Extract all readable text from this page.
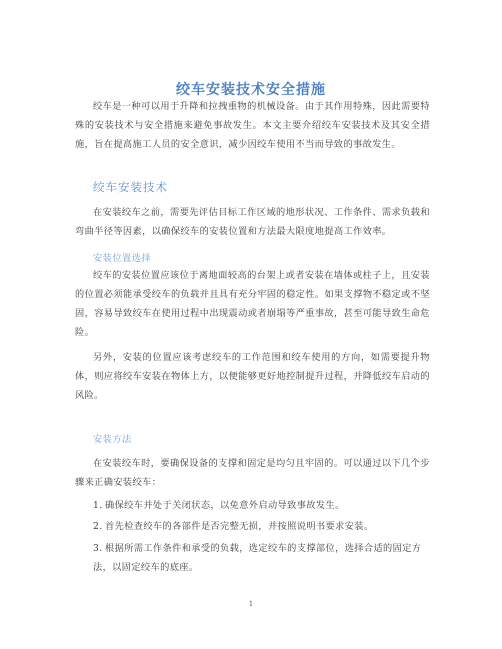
绞车安装技术安全措施
绞车是一种可以用于升降和拉拽重物的机械设备。由于其作用特殊，因此需要特殊的安装技术与安全措施来避免事故发生。本文主要介绍绞车安装技术及其安全措施，旨在提高施工人员的安全意识，减少因绞车使用不当而导致的事故发生。
绞车安装技术
在安装绞车之前，需要先评估目标工作区域的地形状况、工作条件、需求负载和弯曲半径等因素，以确保绞车的安装位置和方法最大限度地提高工作效率。
安装位置选择
绞车的安装位置应该位于离地面较高的台架上或者安装在墙体或柱子上，且安装的位置必须能承受绞车的负载并且具有充分牢固的稳定性。如果支撑物不稳定或不坚固，容易导致绞车在使用过程中出现震动或者崩塌等严重事故，甚至可能导致生命危险。
另外，安装的位置应该考虑绞车的工作范围和绞车使用的方向，如需要提升物体，则应将绞车安装在物体上方，以便能够更好地控制提升过程，并降低绞车启动的风险。
安装方法
在安装绞车时，要确保设备的支撑和固定是均匀且牢固的。可以通过以下几个步骤来正确安装绞车：
1. 确保绞车并处于关闭状态，以免意外启动导致事故发生。
2. 首先检查绞车的各部件是否完整无损，并按照说明书要求安装。
3. 根据所需工作条件和承受的负载，选定绞车的支撑部位，选择合适的固定方法，以固定绞车的底座。
1
